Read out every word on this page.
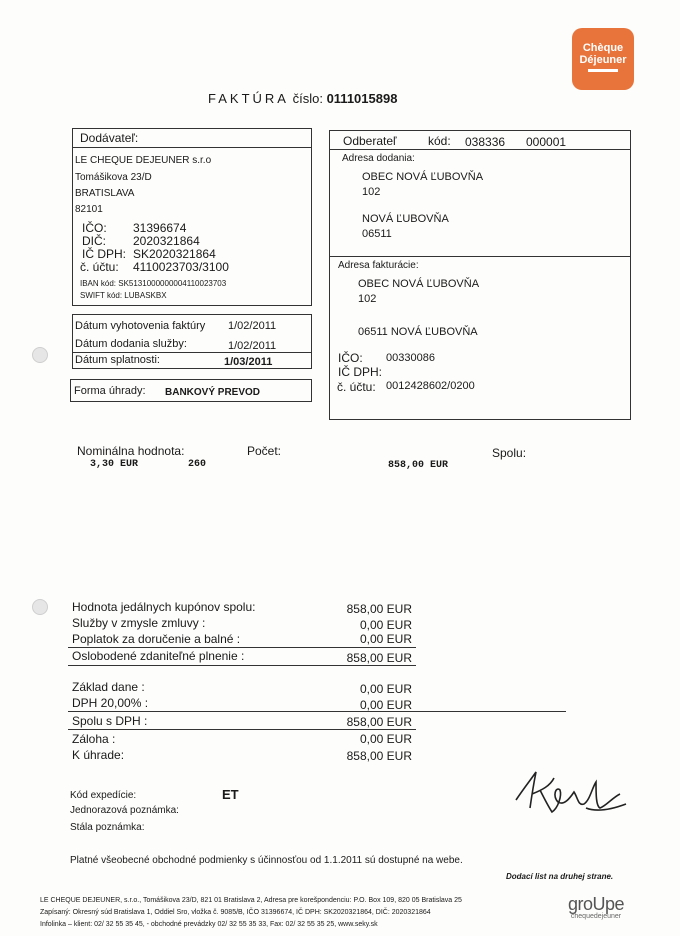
Chèque
Déjeuner
FAKTÚRA číslo: 0111015898
Dodávateľ:
LE CHEQUE DEJEUNER s.r.o
Tomášikova 23/D
BRATISLAVA
82101
IČO: 31396674
DIČ: 2020321864
IČ DPH: SK2020321864
č. účtu: 4110023703/3100
IBAN kód: SK5131000000004110023703
SWIFT kód: LUBASKBX
Dátum vyhotovenia faktúry 1/02/2011
Dátum dodania služby:	1/02/2011
Dátum splatnosti:	1/03/2011
Forma úhrady: BANKOVÝ PREVOD
Odberateľ	kód: 038336 000001
Adresa dodania:
OBEC NOVÁ ĽUBOVŇA
102
NOVÁ ĽUBOVŇA
06511
Adresa fakturácie:
OBEC NOVÁ ĽUBOVŇA
102
06511 NOVÁ ĽUBOVŇA
IČO: 00330086
IČ DPH:
č. účtu: 0012428602/0200
Nominálna hodnota:	Počet:	Spolu:
3,30 EUR	260	858,00 EUR
Hodnota jedálnych kupónov spolu:	858,00 EUR
Služby v zmysle zmluvy :	0,00 EUR
Poplatok za doručenie a balné :	0,00 EUR
Oslobodené zdaniteľné plnenie :	858,00 EUR
Základ dane :	0,00 EUR
DPH 20,00% :	0,00 EUR
Spolu s DPH :	858,00 EUR
Záloha :	0,00 EUR
K úhrade:	858,00 EUR
Kód expedície:	ET
Jednorazová poznámka:
Stála poznámka:
Platné všeobecné obchodné podmienky s účinnosťou od 1.1.2011 sú dostupné na webe.
Dodací list na druhej strane.
LE CHEQUE DEJEUNER, s.r.o., Tomášikova 23/D, 821 01 Bratislava 2, Adresa pre korešpondenciu: P.O. Box 109, 820 05 Bratislava 25
Zapísaný: Okresný súd Bratislava 1, Oddiel Sro, vložka č. 9085/B, IČO 31396674, IČ DPH: SK2020321864, DIČ: 2020321864
Infolinka – klient: 02/ 32 55 35 45, - obchodné prevádzky 02/ 32 55 35 33, Fax: 02/ 32 55 35 25, www.seky.sk
groUpe
chequedejeuner
